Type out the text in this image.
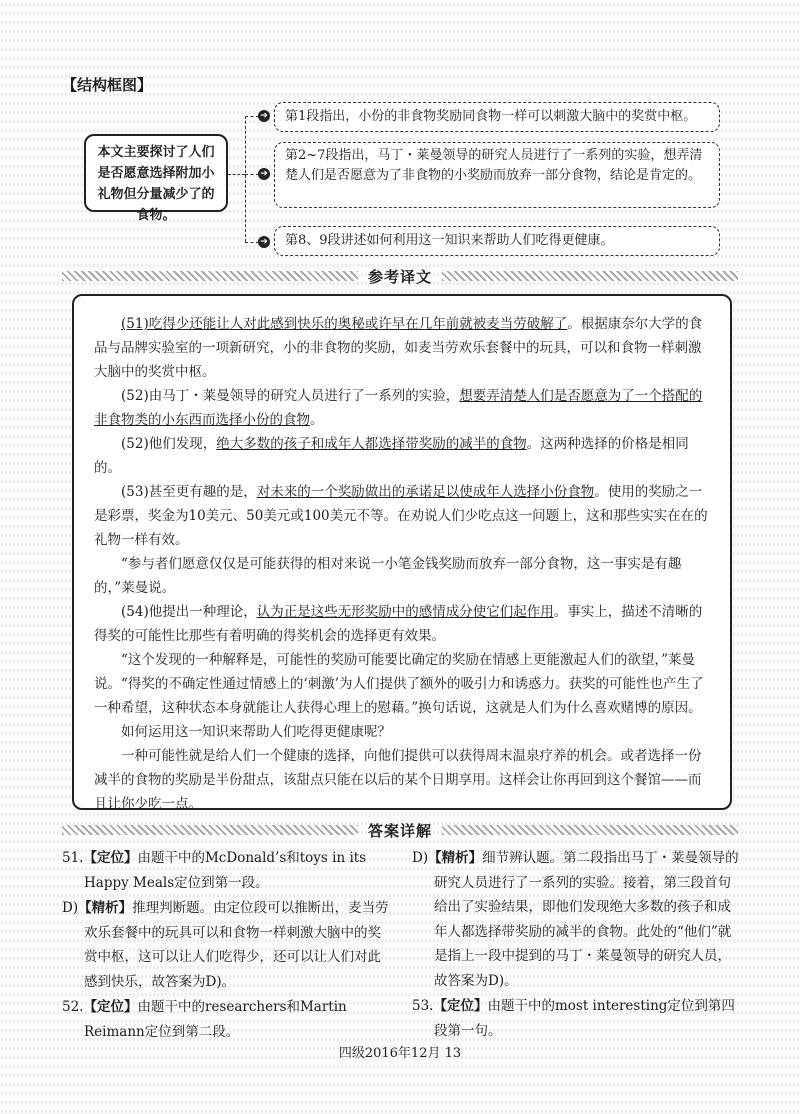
【结构框图】
本文主要探讨了人们是否愿意选择附加小礼物但分量减少了的食物。
➔
➔
➔
第1段指出，小份的非食物奖励同食物一样可以刺激大脑中的奖赏中枢。
第2~7段指出，马丁・莱曼领导的研究人员进行了一系列的实验，想弄清楚人们是否愿意为了非食物的小奖励而放弃一部分食物，结论是肯定的。
第8、9段讲述如何利用这一知识来帮助人们吃得更健康。
参考译文

(51)吃得少还能让人对此感到快乐的奥秘或许早在几年前就被麦当劳破解了。根据康奈尔大学的食品与品牌实验室的一项新研究，小的非食物的奖励，如麦当劳欢乐套餐中的玩具，可以和食物一样刺激大脑中的奖赏中枢。

(52)由马丁・莱曼领导的研究人员进行了一系列的实验，想要弄清楚人们是否愿意为了一个搭配的非食物类的小东西而选择小份的食物。

(52)他们发现，绝大多数的孩子和成年人都选择带奖励的减半的食物。这两种选择的价格是相同的。

(53)甚至更有趣的是，对未来的一个奖励做出的承诺足以使成年人选择小份食物。使用的奖励之一是彩票，奖金为10美元、50美元或100美元不等。在劝说人们少吃点这一问题上，这和那些实实在在的礼物一样有效。

“参与者们愿意仅仅是可能获得的相对来说一小笔金钱奖励而放弃一部分食物，这一事实是有趣的，”莱曼说。

(54)他提出一种理论，认为正是这些无形奖励中的感情成分使它们起作用。事实上，描述不清晰的得奖的可能性比那些有着明确的得奖机会的选择更有效果。

“这个发现的一种解释是，可能性的奖励可能要比确定的奖励在情感上更能激起人们的欲望，”莱曼说。“得奖的不确定性通过情感上的‘刺激’为人们提供了额外的吸引力和诱惑力。获奖的可能性也产生了一种希望，这种状态本身就能让人获得心理上的慰藉。”换句话说，这就是人们为什么喜欢赌博的原因。

如何运用这一知识来帮助人们吃得更健康呢？

一种可能性就是给人们一个健康的选择，向他们提供可以获得周末温泉疗养的机会。或者选择一份减半的食物的奖励是半份甜点，该甜点只能在以后的某个日期享用。这样会让你再回到这个餐馆——而且让你少吃一点。

答案详解

51.【定位】由题干中的McDonald’s和toys in its Happy Meals定位到第一段。

D)【精析】推理判断题。由定位段可以推断出，麦当劳欢乐套餐中的玩具可以和食物一样刺激大脑中的奖赏中枢，这可以让人们吃得少，还可以让人们对此感到快乐，故答案为D)。

52.【定位】由题干中的researchers和Martin Reimann定位到第二段。

D)【精析】细节辨认题。第二段指出马丁・莱曼领导的研究人员进行了一系列的实验。接着，第三段首句给出了实验结果，即他们发现绝大多数的孩子和成年人都选择带奖励的减半的食物。此处的“他们”就是指上一段中提到的马丁・莱曼领导的研究人员，故答案为D)。

53.【定位】由题干中的most interesting定位到第四段第一句。

四级2016年12月 13
